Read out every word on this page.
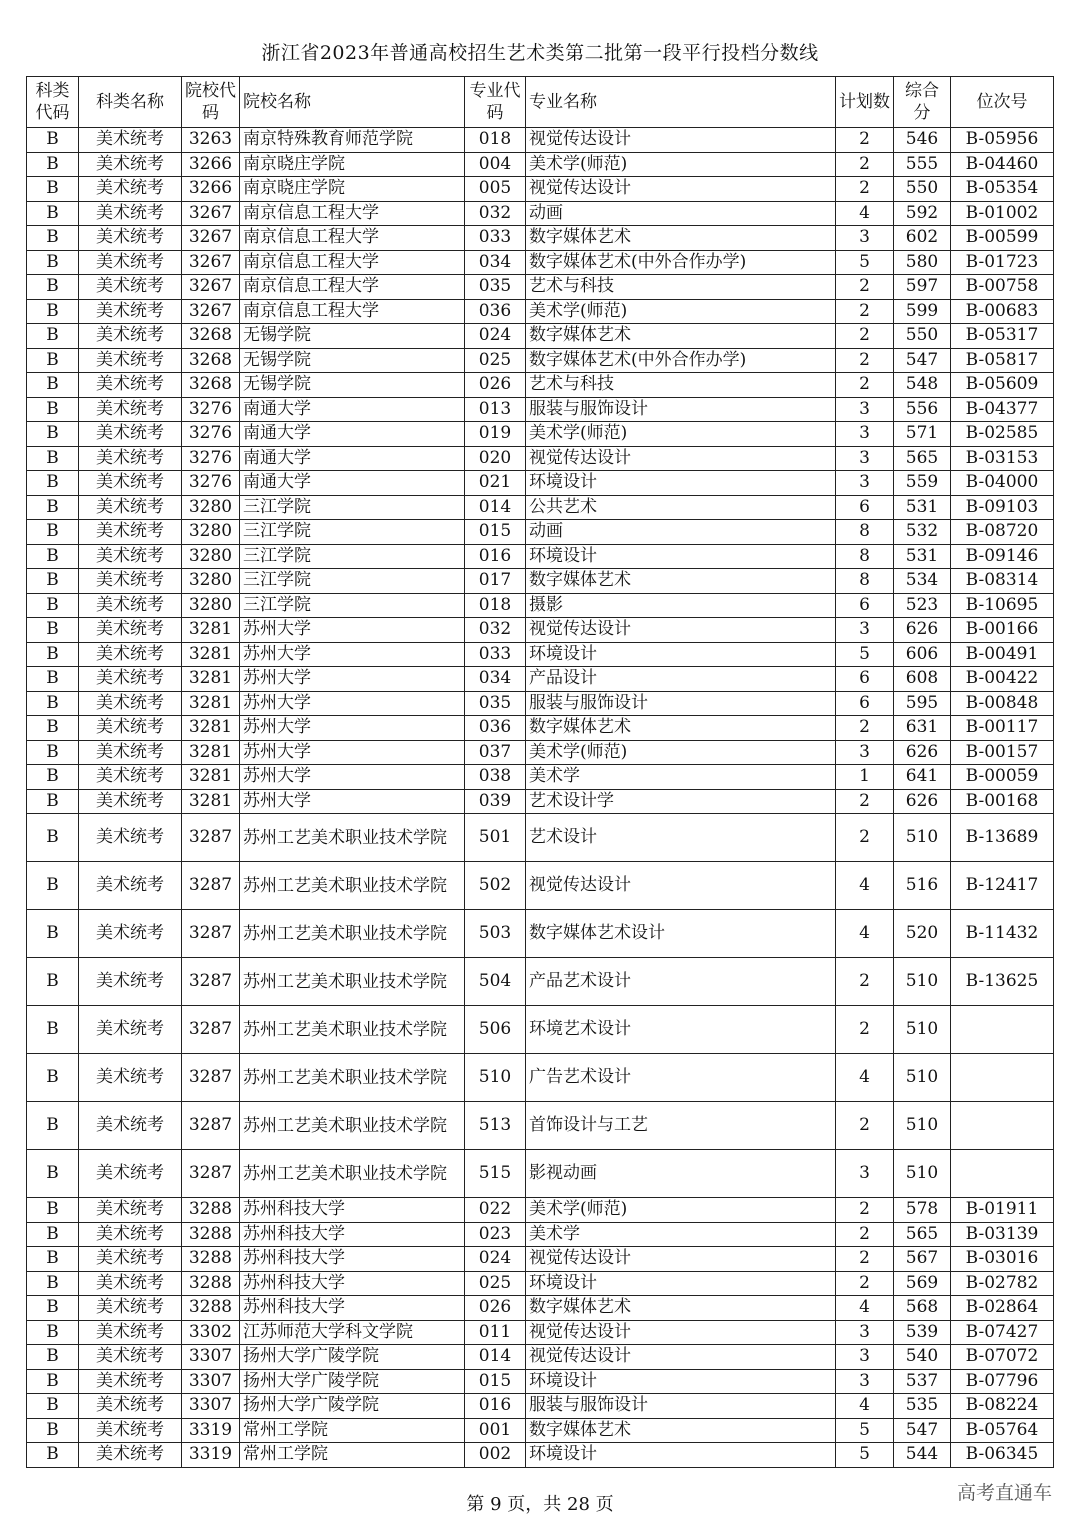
浙江省2023年普通高校招生艺术类第二批第一段平行投档分数线
科类代码	科类名称	院校代码	院校名称	专业代码	专业名称	计划数	综合分	位次号
B	美术统考	3263	南京特殊教育师范学院	018	视觉传达设计	2	546	B-05956
B	美术统考	3266	南京晓庄学院	004	美术学(师范)	2	555	B-04460
B	美术统考	3266	南京晓庄学院	005	视觉传达设计	2	550	B-05354
B	美术统考	3267	南京信息工程大学	032	动画	4	592	B-01002
B	美术统考	3267	南京信息工程大学	033	数字媒体艺术	3	602	B-00599
B	美术统考	3267	南京信息工程大学	034	数字媒体艺术(中外合作办学)	5	580	B-01723
B	美术统考	3267	南京信息工程大学	035	艺术与科技	2	597	B-00758
B	美术统考	3267	南京信息工程大学	036	美术学(师范)	2	599	B-00683
B	美术统考	3268	无锡学院	024	数字媒体艺术	2	550	B-05317
B	美术统考	3268	无锡学院	025	数字媒体艺术(中外合作办学)	2	547	B-05817
B	美术统考	3268	无锡学院	026	艺术与科技	2	548	B-05609
B	美术统考	3276	南通大学	013	服装与服饰设计	3	556	B-04377
B	美术统考	3276	南通大学	019	美术学(师范)	3	571	B-02585
B	美术统考	3276	南通大学	020	视觉传达设计	3	565	B-03153
B	美术统考	3276	南通大学	021	环境设计	3	559	B-04000
B	美术统考	3280	三江学院	014	公共艺术	6	531	B-09103
B	美术统考	3280	三江学院	015	动画	8	532	B-08720
B	美术统考	3280	三江学院	016	环境设计	8	531	B-09146
B	美术统考	3280	三江学院	017	数字媒体艺术	8	534	B-08314
B	美术统考	3280	三江学院	018	摄影	6	523	B-10695
B	美术统考	3281	苏州大学	032	视觉传达设计	3	626	B-00166
B	美术统考	3281	苏州大学	033	环境设计	5	606	B-00491
B	美术统考	3281	苏州大学	034	产品设计	6	608	B-00422
B	美术统考	3281	苏州大学	035	服装与服饰设计	6	595	B-00848
B	美术统考	3281	苏州大学	036	数字媒体艺术	2	631	B-00117
B	美术统考	3281	苏州大学	037	美术学(师范)	3	626	B-00157
B	美术统考	3281	苏州大学	038	美术学	1	641	B-00059
B	美术统考	3281	苏州大学	039	艺术设计学	2	626	B-00168
B	美术统考	3287	苏州工艺美术职业技术学院	501	艺术设计	2	510	B-13689
B	美术统考	3287	苏州工艺美术职业技术学院	502	视觉传达设计	4	516	B-12417
B	美术统考	3287	苏州工艺美术职业技术学院	503	数字媒体艺术设计	4	520	B-11432
B	美术统考	3287	苏州工艺美术职业技术学院	504	产品艺术设计	2	510	B-13625
B	美术统考	3287	苏州工艺美术职业技术学院	506	环境艺术设计	2	510	
B	美术统考	3287	苏州工艺美术职业技术学院	510	广告艺术设计	4	510	
B	美术统考	3287	苏州工艺美术职业技术学院	513	首饰设计与工艺	2	510	
B	美术统考	3287	苏州工艺美术职业技术学院	515	影视动画	3	510	
B	美术统考	3288	苏州科技大学	022	美术学(师范)	2	578	B-01911
B	美术统考	3288	苏州科技大学	023	美术学	2	565	B-03139
B	美术统考	3288	苏州科技大学	024	视觉传达设计	2	567	B-03016
B	美术统考	3288	苏州科技大学	025	环境设计	2	569	B-02782
B	美术统考	3288	苏州科技大学	026	数字媒体艺术	4	568	B-02864
B	美术统考	3302	江苏师范大学科文学院	011	视觉传达设计	3	539	B-07427
B	美术统考	3307	扬州大学广陵学院	014	视觉传达设计	3	540	B-07072
B	美术统考	3307	扬州大学广陵学院	015	环境设计	3	537	B-07796
B	美术统考	3307	扬州大学广陵学院	016	服装与服饰设计	4	535	B-08224
B	美术统考	3319	常州工学院	001	数字媒体艺术	5	547	B-05764
B	美术统考	3319	常州工学院	002	环境设计	5	544	B-06345
第 9 页，共 28 页
高考直通车
